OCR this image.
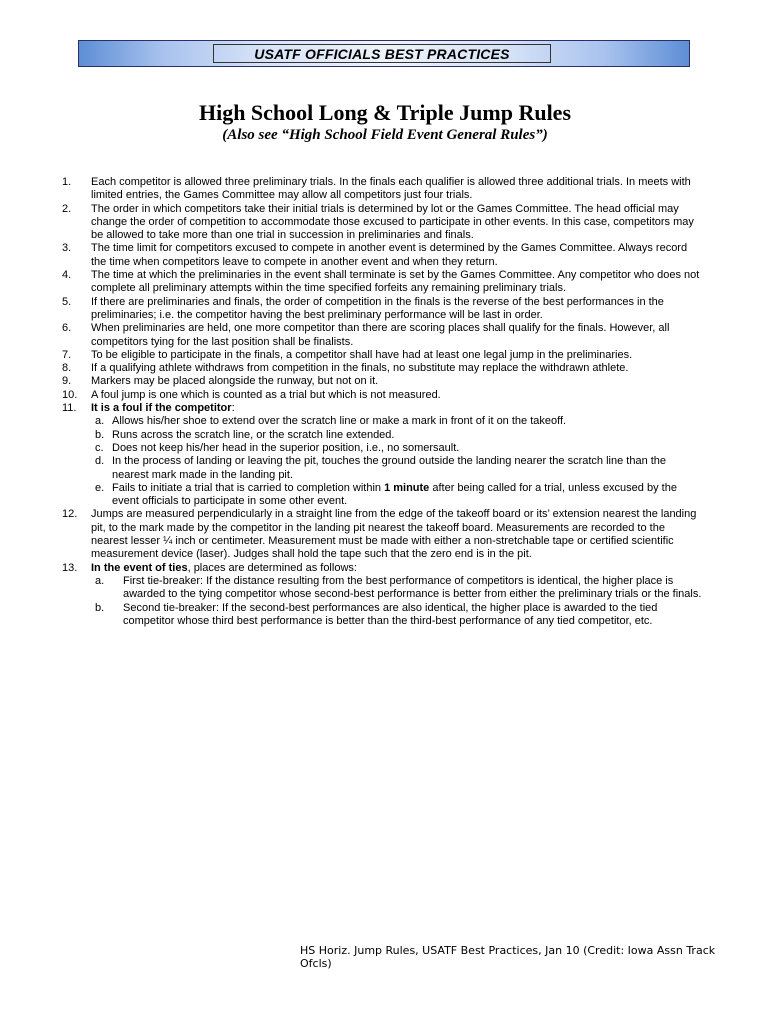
USATF OFFICIALS BEST PRACTICES
High School Long & Triple Jump Rules
(Also see “High School Field Event General Rules”)
1.	Each competitor is allowed three preliminary trials. In the finals each qualifier is allowed three additional trials. In meets with limited entries, the Games Committee may allow all competitors just four trials.
2.	The order in which competitors take their initial trials is determined by lot or the Games Committee. The head official may change the order of competition to accommodate those excused to participate in other events. In this case, competitors may be allowed to take more than one trial in succession in preliminaries and finals.
3.	The time limit for competitors excused to compete in another event is determined by the Games Committee. Always record the time when competitors leave to compete in another event and when they return.
4.	The time at which the preliminaries in the event shall terminate is set by the Games Committee. Any competitor who does not complete all preliminary attempts within the time specified forfeits any remaining preliminary trials.
5.	If there are preliminaries and finals, the order of competition in the finals is the reverse of the best performances in the preliminaries; i.e. the competitor having the best preliminary performance will be last in order.
6.	When preliminaries are held, one more competitor than there are scoring places shall qualify for the finals. However, all competitors tying for the last position shall be finalists.
7.	To be eligible to participate in the finals, a competitor shall have had at least one legal jump in the preliminaries.
8.	If a qualifying athlete withdraws from competition in the finals, no substitute may replace the withdrawn athlete.
9.	Markers may be placed alongside the runway, but not on it.
10.	A foul jump is one which is counted as a trial but which is not measured.
11.	It is a foul if the competitor:
a. Allows his/her shoe to extend over the scratch line or make a mark in front of it on the takeoff.
b. Runs across the scratch line, or the scratch line extended.
c. Does not keep his/her head in the superior position, i.e., no somersault.
d. In the process of landing or leaving the pit, touches the ground outside the landing nearer the scratch line than the nearest mark made in the landing pit.
e. Fails to initiate a trial that is carried to completion within 1 minute after being called for a trial, unless excused by the event officials to participate in some other event.
12.	Jumps are measured perpendicularly in a straight line from the edge of the takeoff board or its’ extension nearest the landing pit, to the mark made by the competitor in the landing pit nearest the takeoff board. Measurements are recorded to the nearest lesser ¼ inch or centimeter. Measurement must be made with either a non-stretchable tape or certified scientific measurement device (laser). Judges shall hold the tape such that the zero end is in the pit.
13.	In the event of ties, places are determined as follows:
a.	First tie-breaker: If the distance resulting from the best performance of competitors is identical, the higher place is awarded to the tying competitor whose second-best performance is better from either the preliminary trials or the finals.
b.	Second tie-breaker: If the second-best performances are also identical, the higher place is awarded to the tied competitor whose third best performance is better than the third-best performance of any tied competitor, etc.
HS Horiz. Jump Rules, USATF Best Practices, Jan 10 (Credit: Iowa Assn Track Ofcls)
